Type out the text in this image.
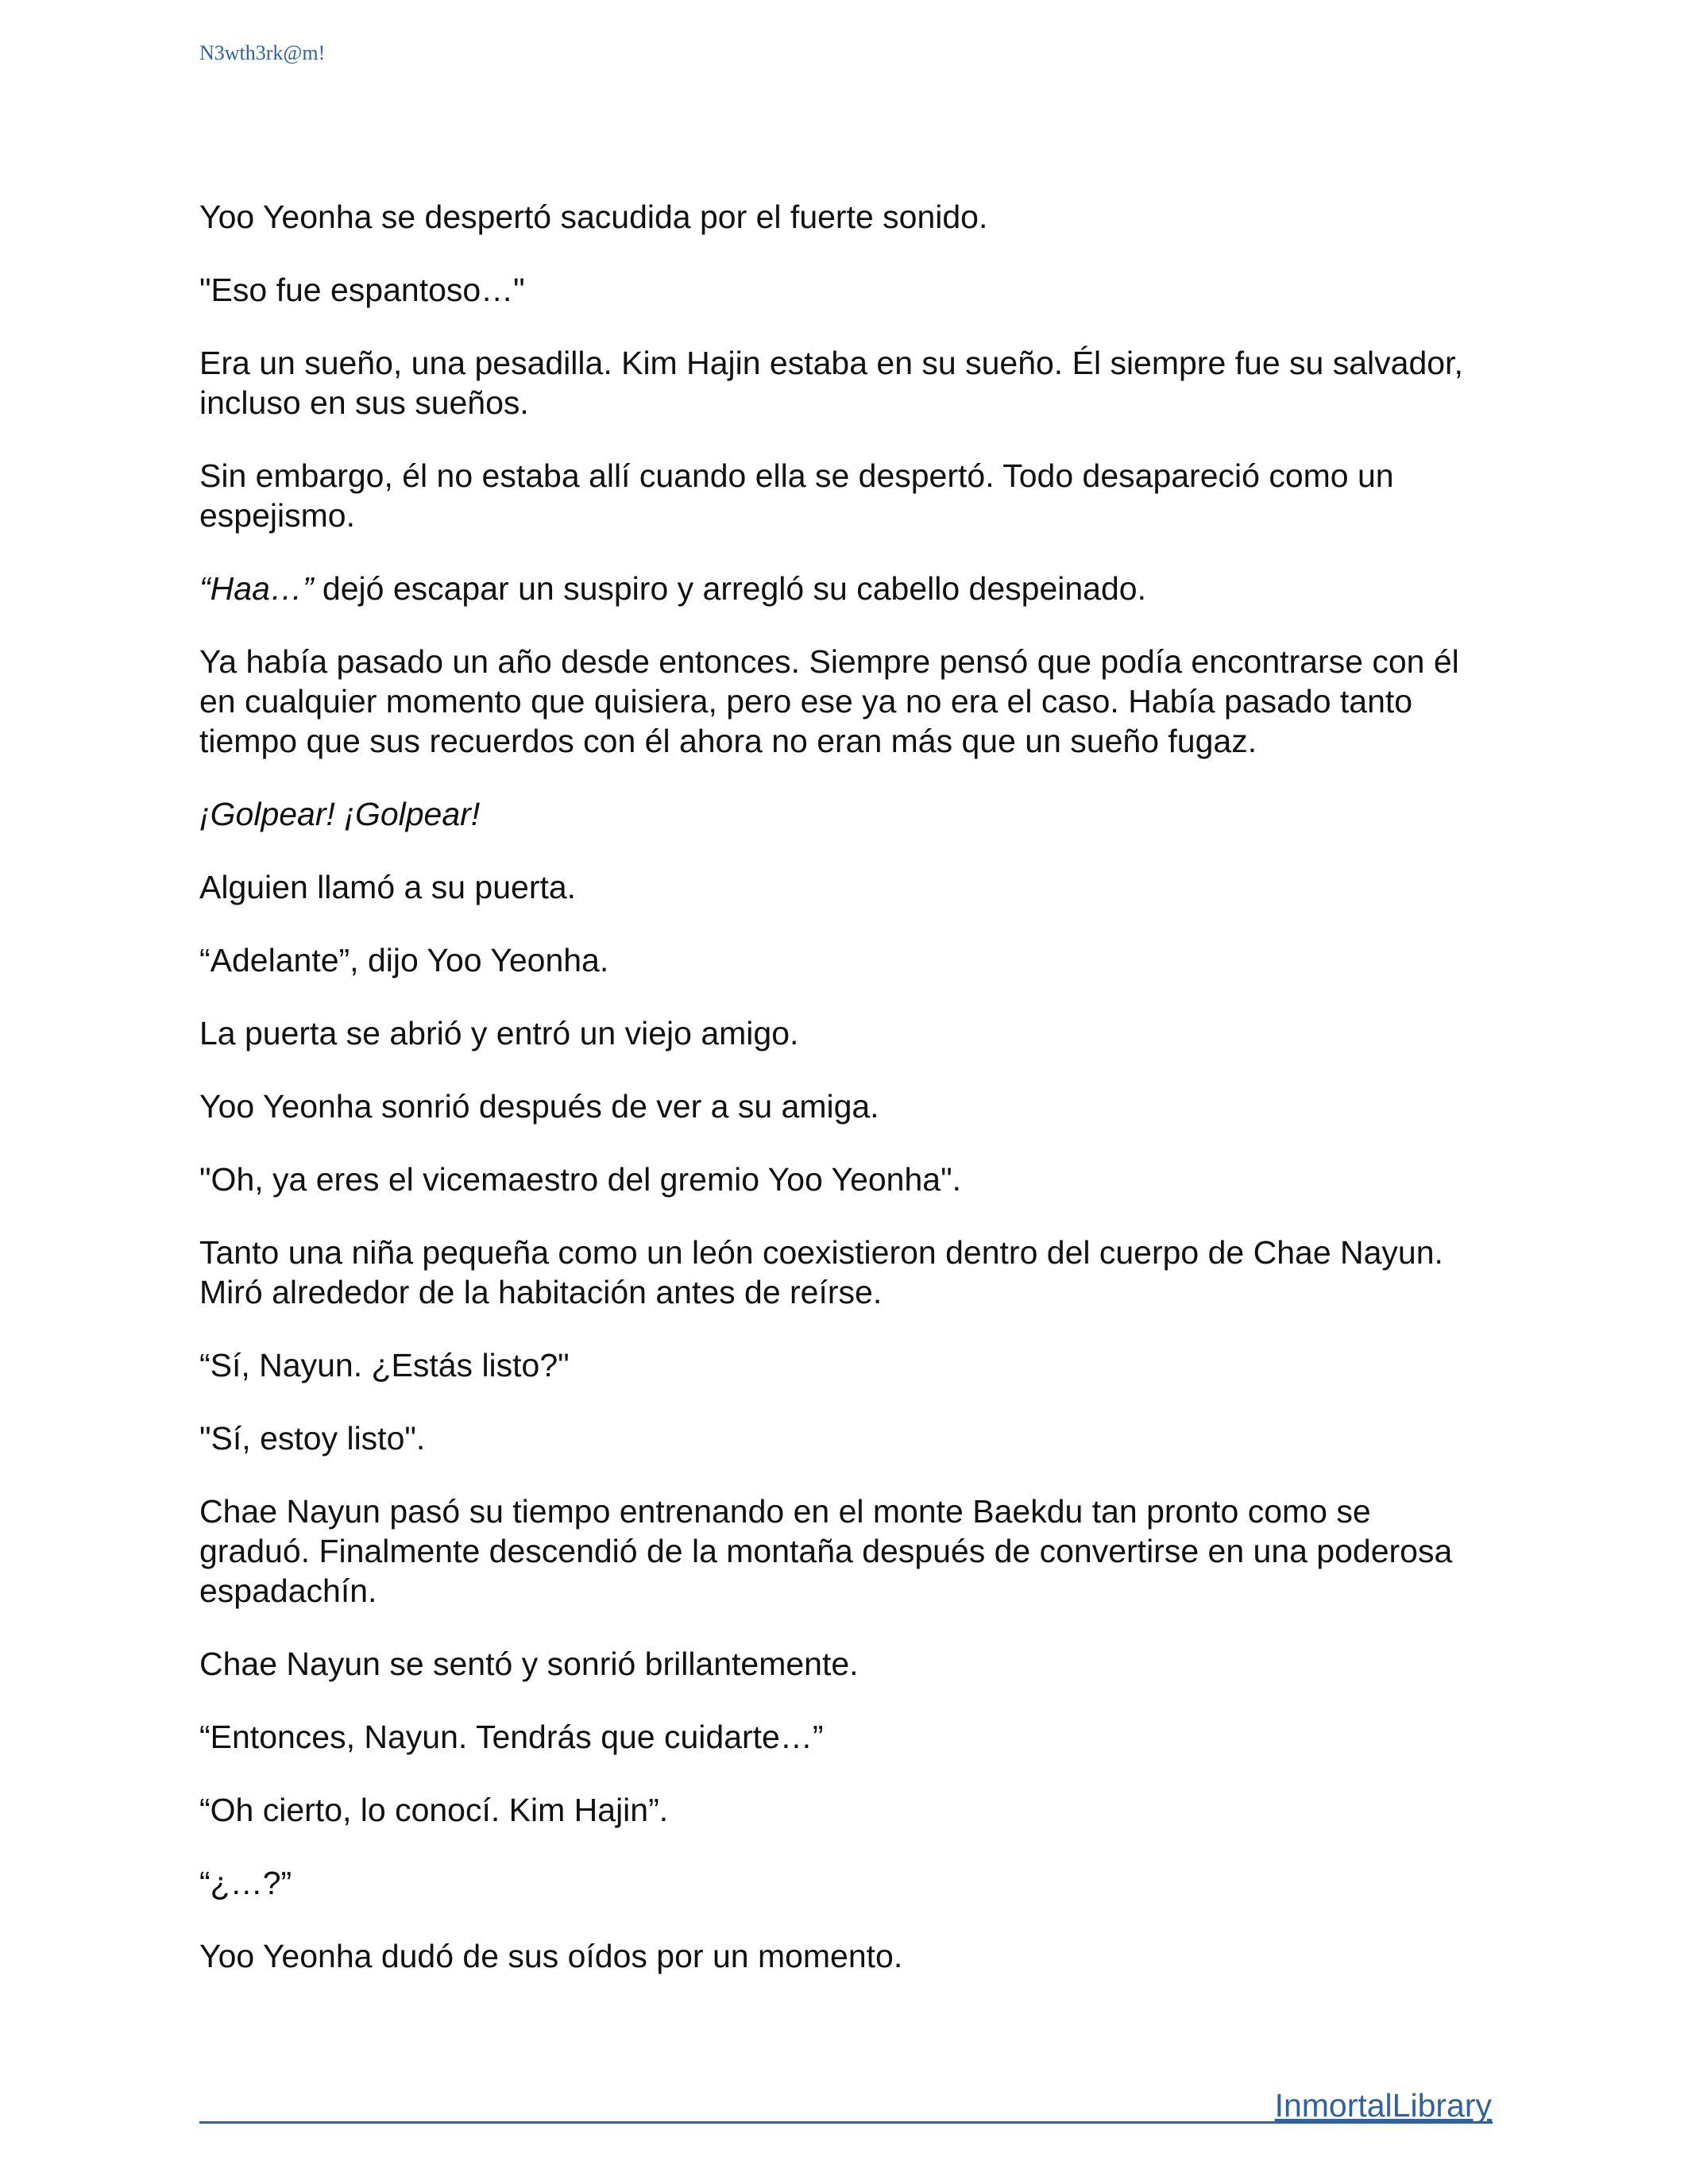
N3wth3rk@m!

Yoo Yeonha se despertó sacudida por el fuerte sonido.

"Eso fue espantoso…"

Era un sueño, una pesadilla. Kim Hajin estaba en su sueño. Él siempre fue su salvador,
incluso en sus sueños.

Sin embargo, él no estaba allí cuando ella se despertó. Todo desapareció como un
espejismo.

“Haa…” dejó escapar un suspiro y arregló su cabello despeinado.

Ya había pasado un año desde entonces. Siempre pensó que podía encontrarse con él
en cualquier momento que quisiera, pero ese ya no era el caso. Había pasado tanto
tiempo que sus recuerdos con él ahora no eran más que un sueño fugaz.

¡Golpear! ¡Golpear!

Alguien llamó a su puerta.

“Adelante”, dijo Yoo Yeonha.

La puerta se abrió y entró un viejo amigo.

Yoo Yeonha sonrió después de ver a su amiga.

"Oh, ya eres el vicemaestro del gremio Yoo Yeonha".

Tanto una niña pequeña como un león coexistieron dentro del cuerpo de Chae Nayun.
Miró alrededor de la habitación antes de reírse.

“Sí, Nayun. ¿Estás listo?"

"Sí, estoy listo".

Chae Nayun pasó su tiempo entrenando en el monte Baekdu tan pronto como se
graduó. Finalmente descendió de la montaña después de convertirse en una poderosa
espadachín.

Chae Nayun se sentó y sonrió brillantemente.

“Entonces, Nayun. Tendrás que cuidarte…”

“Oh cierto, lo conocí. Kim Hajin”.

“¿…?”

Yoo Yeonha dudó de sus oídos por un momento.

InmortalLibrary
